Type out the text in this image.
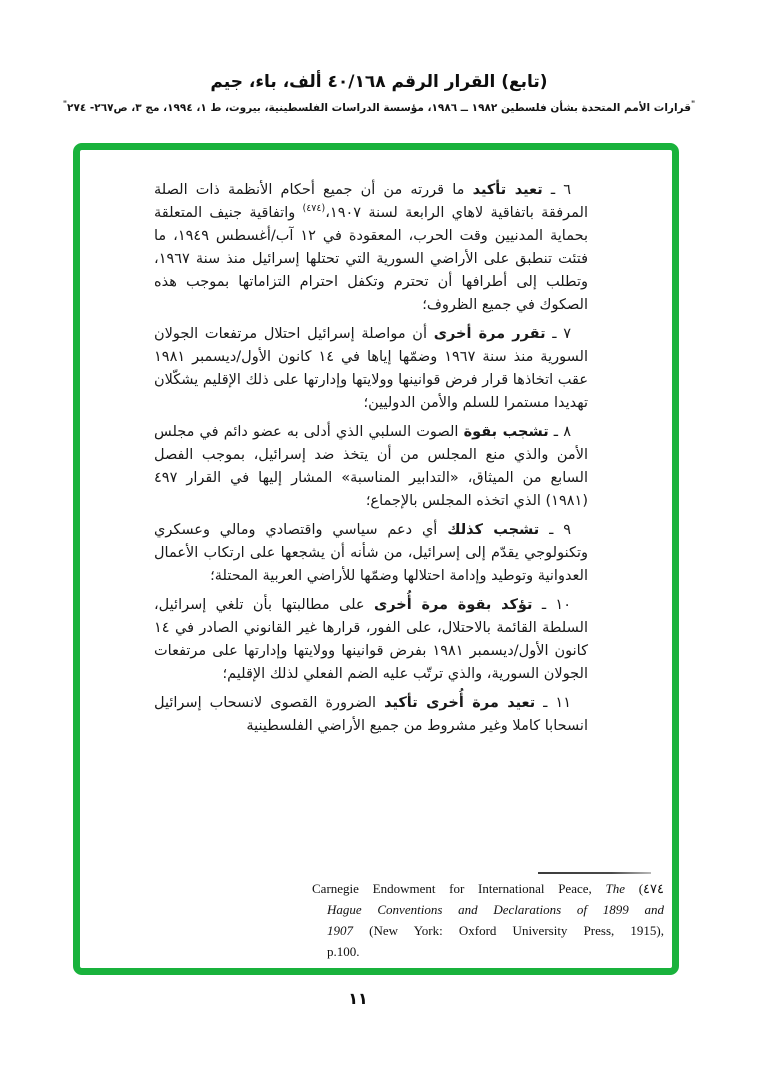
(تابع) القرار الرقم ٤٠/١٦٨ ألف، باء، جيم
"قرارات الأمم المتحدة بشأن فلسطين ١٩٨٢ ــ ١٩٨٦، مؤسسة الدراسات الفلسطينية، بيروت، ط ١، ١٩٩٤، مج ٣، ص٢٦٧- ٢٧٤"

٦ ـ تعيد تأكيد ما قررته من أن جميع أحكام الأنظمة ذات الصلة المرفقة باتفاقية لاهاي الرابعة لسنة ١٩٠٧،$^{(٤٧٤)}$ واتفاقية جنيف المتعلقة بحماية المدنيين وقت الحرب، المعقودة في ١٢ آب/أغسطس ١٩٤٩، ما فتئت تنطبق على الأراضي السورية التي تحتلها إسرائيل منذ سنة ١٩٦٧، وتطلب إلى أطرافها أن تحترم وتكفل احترام التزاماتها بموجب هذه الصكوك في جميع الظروف؛

٧ ـ تقرر مرة أخرى أن مواصلة إسرائيل احتلال مرتفعات الجولان السورية منذ سنة ١٩٦٧ وضمّها إياها في ١٤ كانون الأول/ديسمبر ١٩٨١ عقب اتخاذها قرار فرض قوانينها وولايتها وإدارتها على ذلك الإقليم يشكّلان تهديدا مستمرا للسلم والأمن الدوليين؛

٨ ـ تشجب بقوة الصوت السلبي الذي أدلى به عضو دائم في مجلس الأمن والذي منع المجلس من أن يتخذ ضد إسرائيل، بموجب الفصل السابع من الميثاق، «التدابير المناسبة» المشار إليها في القرار ٤٩٧ (١٩٨١) الذي اتخذه المجلس بالإجماع؛

٩ ـ تشجب كذلك أي دعم سياسي واقتصادي ومالي وعسكري وتكنولوجي يقدّم إلى إسرائيل، من شأنه أن يشجعها على ارتكاب الأعمال العدوانية وتوطيد وإدامة احتلالها وضمّها للأراضي العربية المحتلة؛

١٠ ـ تؤكد بقوة مرة أُخرى على مطالبتها بأن تلغي إسرائيل، السلطة القائمة بالاحتلال، على الفور، قرارها غير القانوني الصادر في ١٤ كانون الأول/ديسمبر ١٩٨١ بفرض قوانينها وولايتها وإدارتها على مرتفعات الجولان السورية، والذي ترتّب عليه الضم الفعلي لذلك الإقليم؛

١١ ـ تعيد مرة أُخرى تأكيد الضرورة القصوى لانسحاب إسرائيل انسحابا كاملا وغير مشروط من جميع الأراضي الفلسطينية

Carnegie Endowment for International Peace, The (٤٧٤
Hague Conventions and Declarations of 1899 and
1907 (New York: Oxford University Press, 1915),
p.100.
١١
